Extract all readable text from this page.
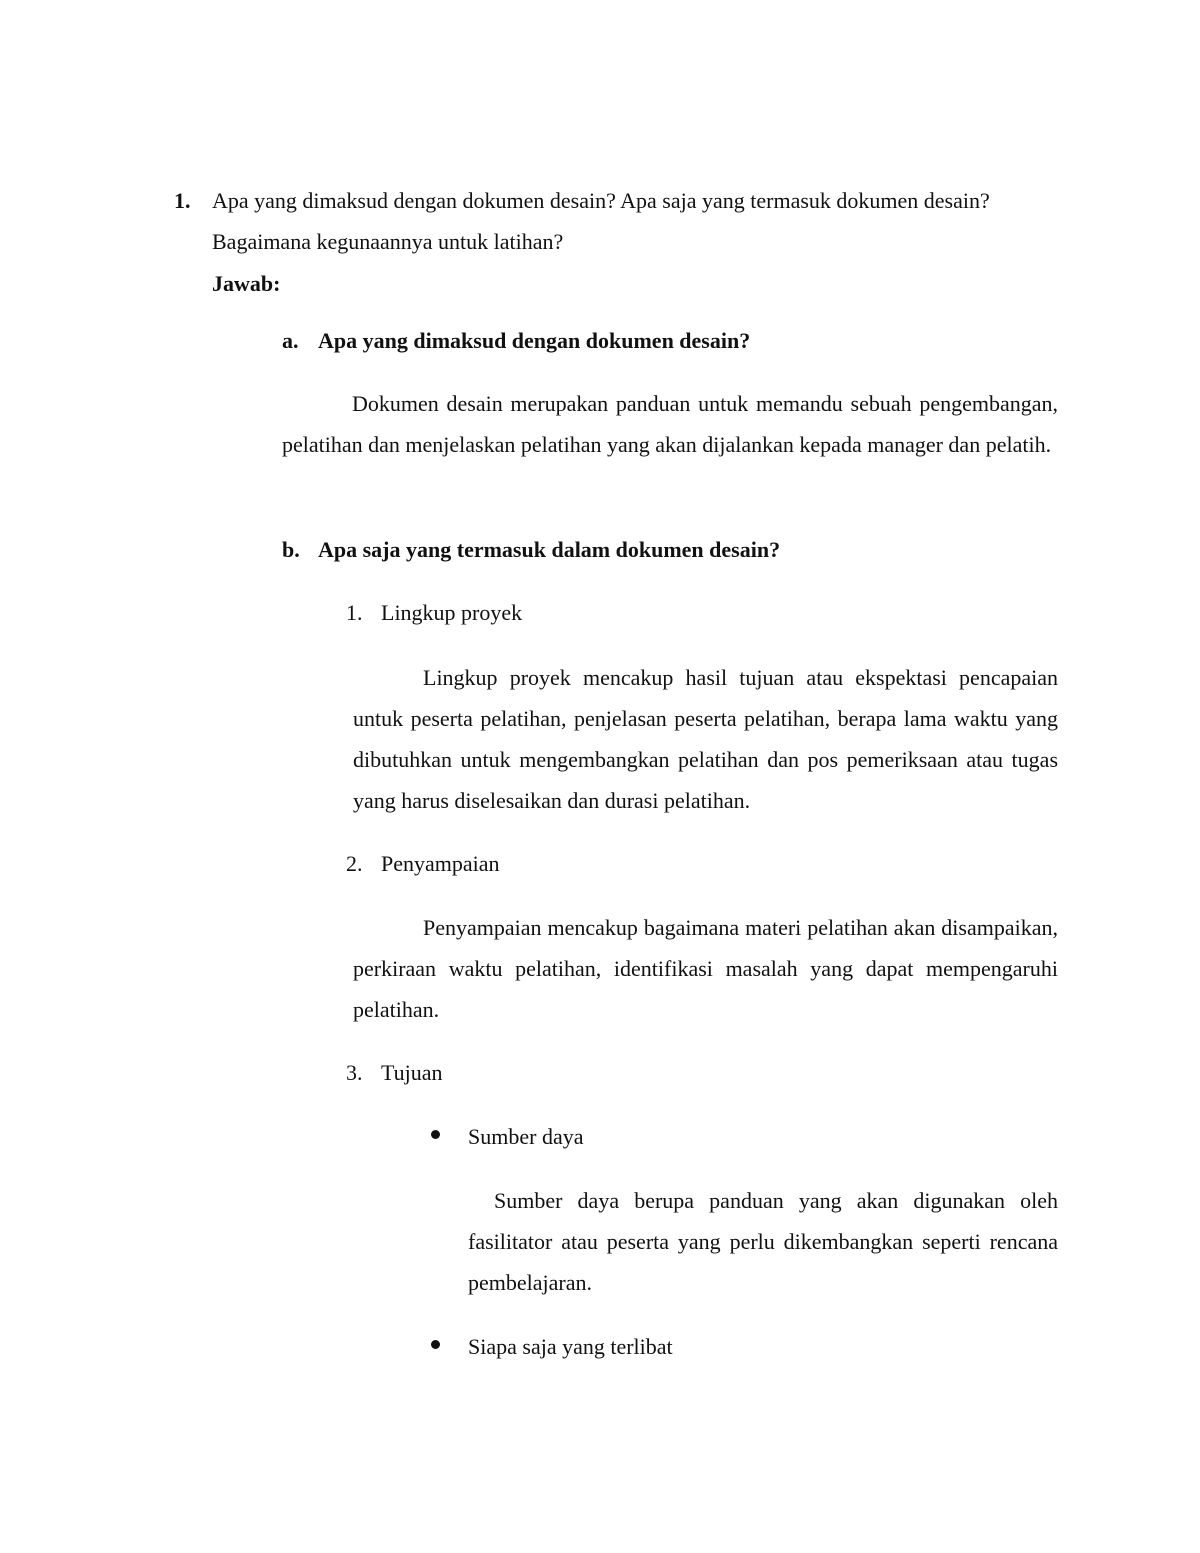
1. Apa yang dimaksud dengan dokumen desain? Apa saja yang termasuk dokumen desain?
Bagaimana kegunaannya untuk latihan?
Jawab:
a. Apa yang dimaksud dengan dokumen desain?
Dokumen desain merupakan panduan untuk memandu sebuah pengembangan, pelatihan dan menjelaskan pelatihan yang akan dijalankan kepada manager dan pelatih.
b. Apa saja yang termasuk dalam dokumen desain?
1. Lingkup proyek
Lingkup proyek mencakup hasil tujuan atau ekspektasi pencapaian untuk peserta pelatihan, penjelasan peserta pelatihan, berapa lama waktu yang dibutuhkan untuk mengembangkan pelatihan dan pos pemeriksaan atau tugas yang harus diselesaikan dan durasi pelatihan.
2. Penyampaian
Penyampaian mencakup bagaimana materi pelatihan akan disampaikan, perkiraan waktu pelatihan, identifikasi masalah yang dapat mempengaruhi pelatihan.
3. Tujuan
Sumber daya
Sumber daya berupa panduan yang akan digunakan oleh fasilitator atau peserta yang perlu dikembangkan seperti rencana pembelajaran.
Siapa saja yang terlibat
